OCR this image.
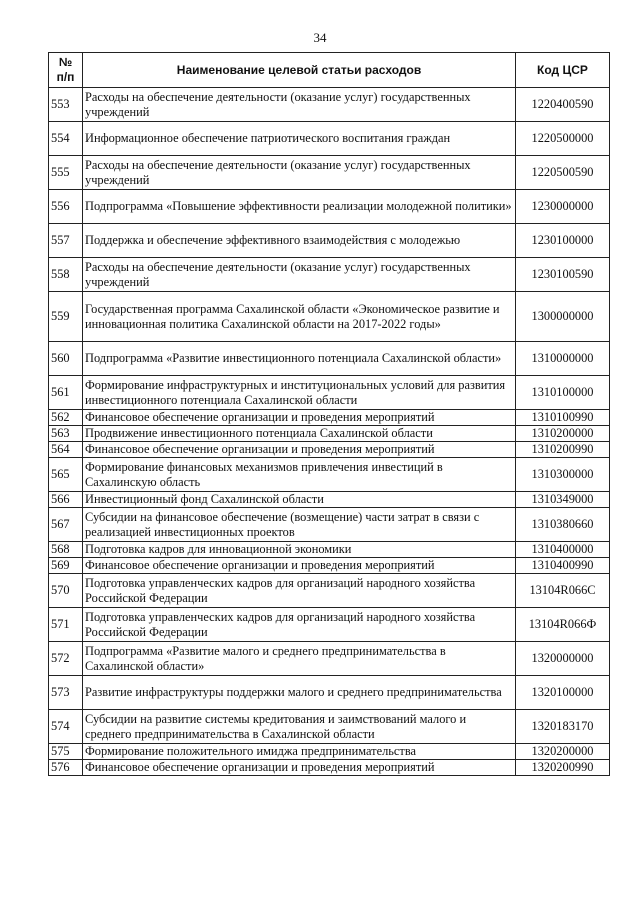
34
№
п/п	Наименование целевой статьи расходов	Код ЦСР
553	Расходы на обеспечение деятельности (оказание услуг) государственных учреждений	1220400590
554	Информационное обеспечение патриотического воспитания граждан	1220500000
555	Расходы на обеспечение деятельности (оказание услуг) государственных учреждений	1220500590
556	Подпрограмма «Повышение эффективности реализации молодежной политики»	1230000000
557	Поддержка и обеспечение эффективного взаимодействия с молодежью	1230100000
558	Расходы на обеспечение деятельности (оказание услуг) государственных учреждений	1230100590
559	Государственная программа Сахалинской области «Экономическое развитие и инновационная политика Сахалинской области на 2017-2022 годы»	1300000000
560	Подпрограмма «Развитие инвестиционного потенциала Сахалинской области»	1310000000
561	Формирование инфраструктурных и институциональных условий для развития инвестиционного потенциала Сахалинской области	1310100000
562	Финансовое обеспечение организации и проведения мероприятий	1310100990
563	Продвижение инвестиционного потенциала Сахалинской области	1310200000
564	Финансовое обеспечение организации и проведения мероприятий	1310200990
565	Формирование финансовых механизмов привлечения инвестиций в Сахалинскую область	1310300000
566	Инвестиционный фонд Сахалинской области	1310349000
567	Субсидии на финансовое обеспечение (возмещение) части затрат в связи с реализацией инвестиционных проектов	1310380660
568	Подготовка кадров для инновационной экономики	1310400000
569	Финансовое обеспечение организации и проведения мероприятий	1310400990
570	Подготовка управленческих кадров для организаций народного хозяйства Российской Федерации	13104R066C
571	Подготовка управленческих кадров для организаций народного хозяйства Российской Федерации	13104R066Ф
572	Подпрограмма «Развитие малого и среднего предпринимательства в Сахалинской области»	1320000000
573	Развитие инфраструктуры поддержки малого и среднего предпринимательства	1320100000
574	Субсидии на развитие системы кредитования и заимствований малого и среднего предпринимательства в Сахалинской области	1320183170
575	Формирование положительного имиджа предпринимательства	1320200000
576	Финансовое обеспечение организации и проведения мероприятий	1320200990
